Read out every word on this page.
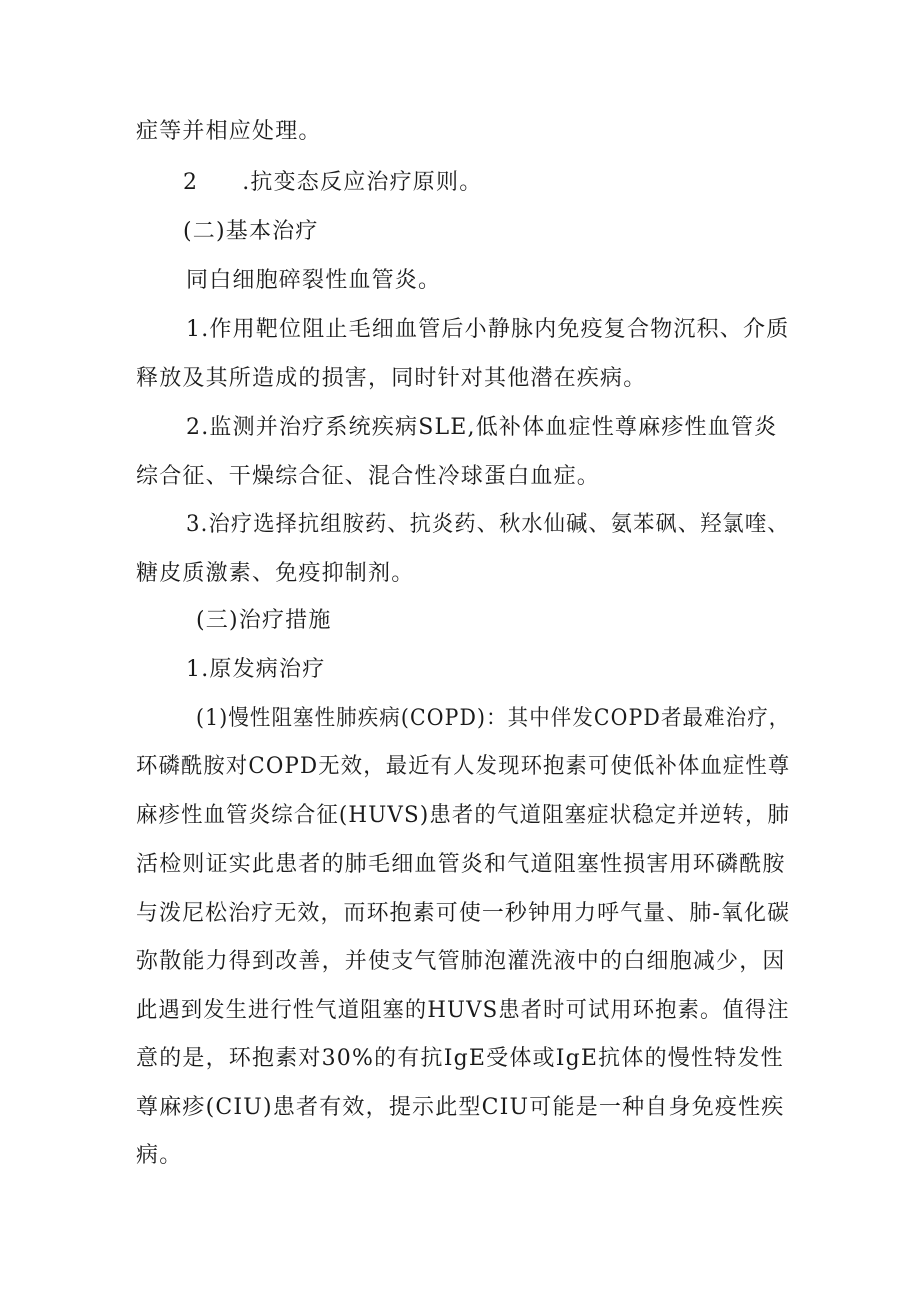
症等并相应处理。
2 .抗变态反应治疗原则。
(二)基本治疗
同白细胞碎裂性血管炎。
1.作用靶位阻止毛细血管后小静脉内免疫复合物沉积、介质
释放及其所造成的损害，同时针对其他潜在疾病。
2.监测并治疗系统疾病SLE,低补体血症性尊麻疹性血管炎
综合征、干燥综合征、混合性冷球蛋白血症。
3.治疗选择抗组胺药、抗炎药、秋水仙碱、氨苯砜、羟氯喹、
糖皮质激素、免疫抑制剂。
(三)治疗措施
1.原发病治疗
(1)慢性阻塞性肺疾病(COPD)：其中伴发COPD者最难治疗，
环磷酰胺对COPD无效，最近有人发现环抱素可使低补体血症性尊
麻疹性血管炎综合征(HUVS)患者的气道阻塞症状稳定并逆转，肺
活检则证实此患者的肺毛细血管炎和气道阻塞性损害用环磷酰胺
与泼尼松治疗无效，而环抱素可使一秒钟用力呼气量、肺-氧化碳
弥散能力得到改善，并使支气管肺泡灌洗液中的白细胞减少，因
此遇到发生进行性气道阻塞的HUVS患者时可试用环抱素。值得注
意的是，环抱素对30%的有抗IgE受体或IgE抗体的慢性特发性
尊麻疹(CIU)患者有效，提示此型CIU可能是一种自身免疫性疾
病。
